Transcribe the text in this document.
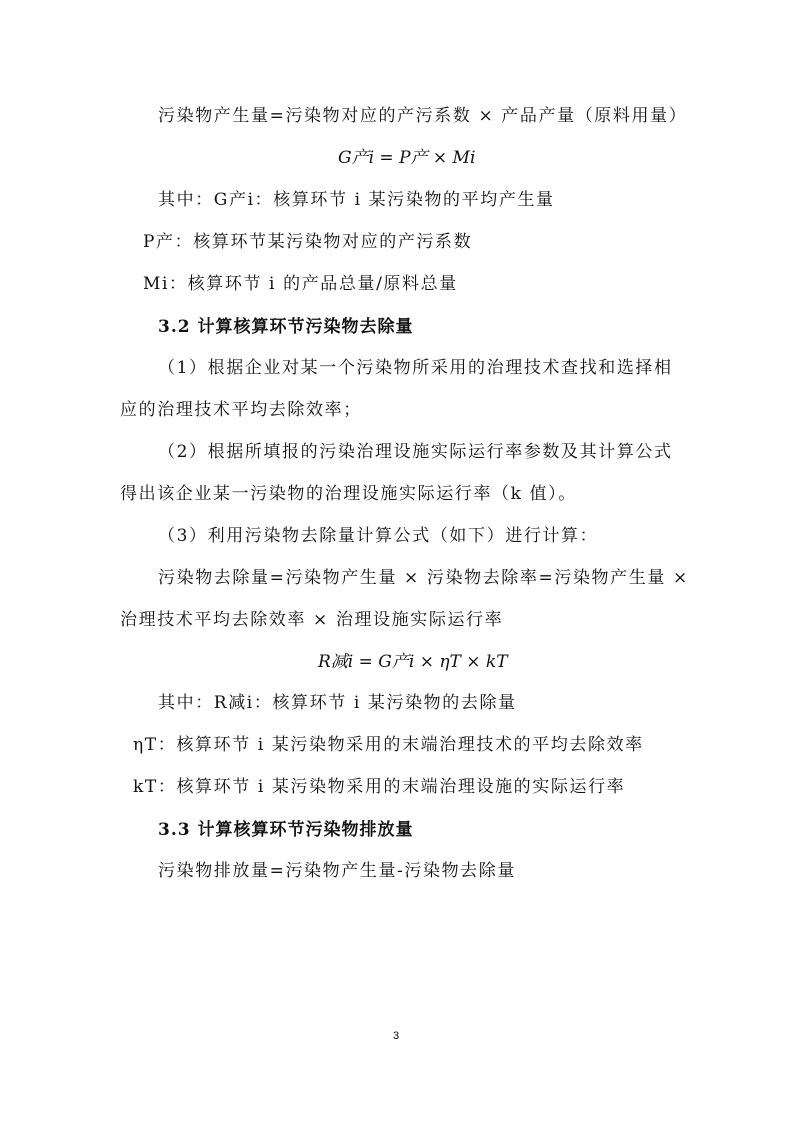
污染物产生量=污染物对应的产污系数 × 产品产量（原料用量）
G产i = P产 × Mi
其中：G产i：核算环节 i 某污染物的平均产生量
P产：核算环节某污染物对应的产污系数
Mi：核算环节 i 的产品总量/原料总量
3.2 计算核算环节污染物去除量
（1）根据企业对某一个污染物所采用的治理技术查找和选择相
应的治理技术平均去除效率；
（2）根据所填报的污染治理设施实际运行率参数及其计算公式
得出该企业某一污染物的治理设施实际运行率（k 值）。
（3）利用污染物去除量计算公式（如下）进行计算：
污染物去除量=污染物产生量 × 污染物去除率=污染物产生量 ×
治理技术平均去除效率 × 治理设施实际运行率
R减i = G产i × ηT × kT
其中：R减i：核算环节 i 某污染物的去除量
ηT：核算环节 i 某污染物采用的末端治理技术的平均去除效率
kT：核算环节 i 某污染物采用的末端治理设施的实际运行率
3.3 计算核算环节污染物排放量
污染物排放量=污染物产生量-污染物去除量
3
